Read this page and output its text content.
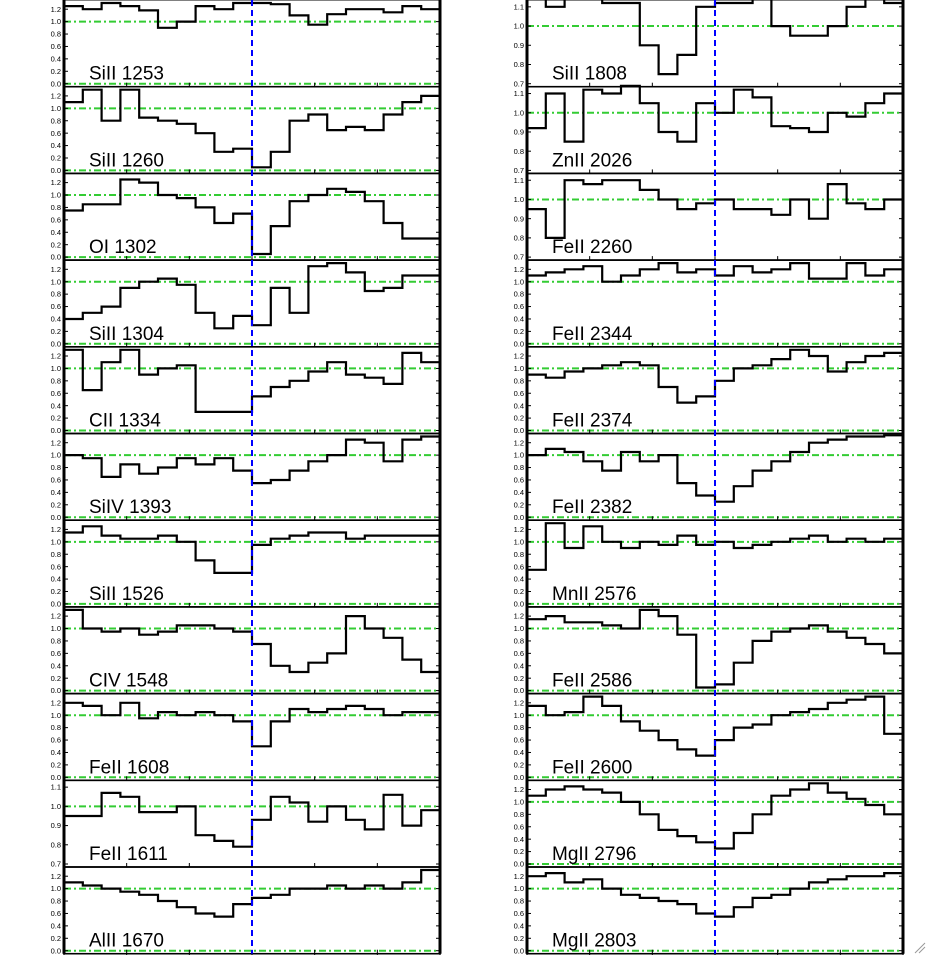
0.0
0.2
0.4
0.6
0.8
1.0
1.2
SiII 1253
0.0
0.2
0.4
0.6
0.8
1.0
1.2
SiII 1260
0.0
0.2
0.4
0.6
0.8
1.0
1.2
OI 1302
0.0
0.2
0.4
0.6
0.8
1.0
1.2
SiII 1304
0.0
0.2
0.4
0.6
0.8
1.0
1.2
CII 1334
0.0
0.2
0.4
0.6
0.8
1.0
1.2
SiIV 1393
0.0
0.2
0.4
0.6
0.8
1.0
1.2
SiII 1526
0.0
0.2
0.4
0.6
0.8
1.0
1.2
CIV 1548
0.0
0.2
0.4
0.6
0.8
1.0
1.2
FeII 1608
0.7
0.8
0.9
1.0
1.1
FeII 1611
0.0
0.2
0.4
0.6
0.8
1.0
1.2
AlII 1670
0.7
0.8
0.9
1.0
1.1
SiII 1808
0.7
0.8
0.9
1.0
1.1
ZnII 2026
0.7
0.8
0.9
1.0
1.1
FeII 2260
0.0
0.2
0.4
0.6
0.8
1.0
1.2
FeII 2344
0.0
0.2
0.4
0.6
0.8
1.0
1.2
FeII 2374
0.0
0.2
0.4
0.6
0.8
1.0
1.2
FeII 2382
0.0
0.2
0.4
0.6
0.8
1.0
1.2
MnII 2576
0.0
0.2
0.4
0.6
0.8
1.0
1.2
FeII 2586
0.0
0.2
0.4
0.6
0.8
1.0
1.2
FeII 2600
0.0
0.2
0.4
0.6
0.8
1.0
1.2
MgII 2796
0.0
0.2
0.4
0.6
0.8
1.0
1.2
MgII 2803
